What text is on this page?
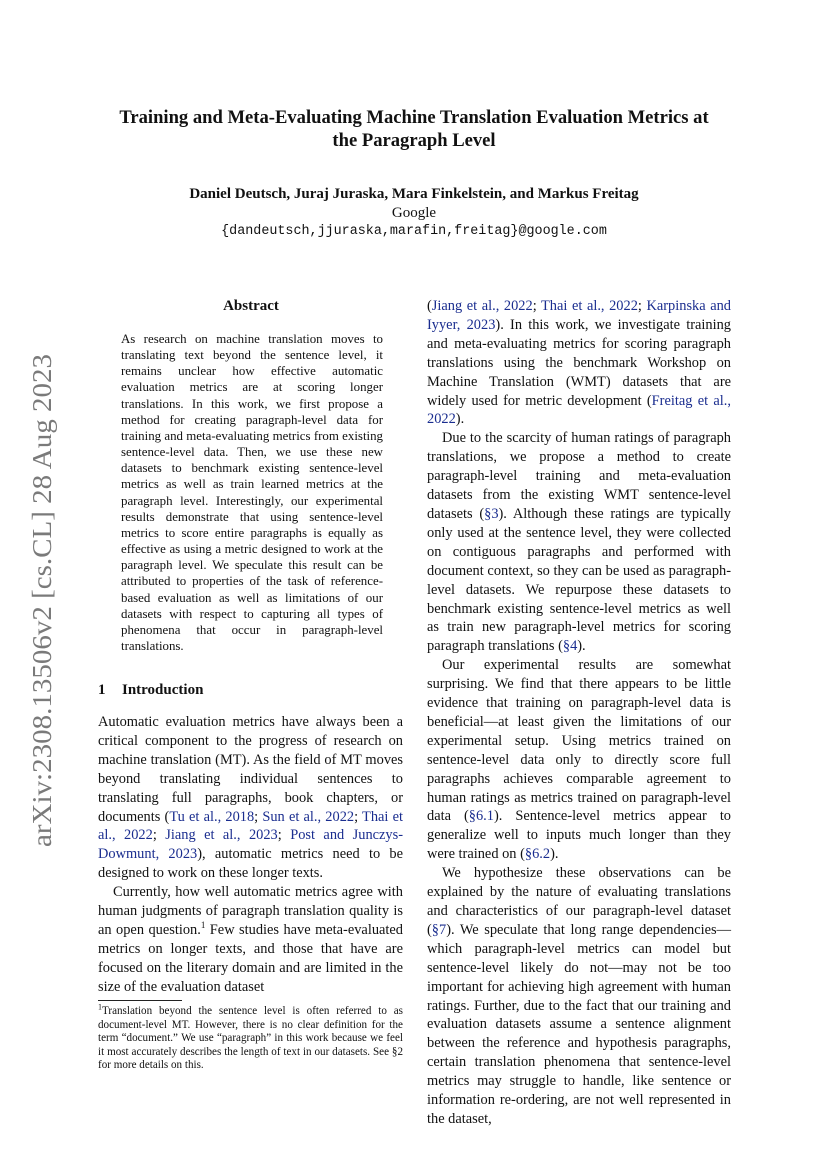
arXiv:2308.13506v2 [cs.CL] 28 Aug 2023
Training and Meta-Evaluating Machine Translation Evaluation Metrics at
the Paragraph Level
Daniel Deutsch, Juraj Juraska, Mara Finkelstein, and Markus Freitag
Google
{dandeutsch,jjuraska,marafin,freitag}@google.com
Abstract
As research on machine translation moves to translating text beyond the sentence level, it remains unclear how effective automatic evaluation metrics are at scoring longer translations. In this work, we first propose a method for creating paragraph-level data for training and meta-evaluating metrics from existing sentence-level data. Then, we use these new datasets to benchmark existing sentence-level metrics as well as train learned metrics at the paragraph level. Interestingly, our experimental results demonstrate that using sentence-level metrics to score entire paragraphs is equally as effective as using a metric designed to work at the paragraph level. We speculate this result can be attributed to properties of the task of reference-based evaluation as well as limitations of our datasets with respect to capturing all types of phenomena that occur in paragraph-level translations.
1 Introduction

Automatic evaluation metrics have always been a critical component to the progress of research on machine translation (MT). As the field of MT moves beyond translating individual sentences to translating full paragraphs, book chapters, or documents (Tu et al., 2018; Sun et al., 2022; Thai et al., 2022; Jiang et al., 2023; Post and Junczys-Dowmunt, 2023), automatic metrics need to be designed to work on these longer texts.

Currently, how well automatic metrics agree with human judgments of paragraph translation quality is an open question.$^1$ Few studies have meta-evaluated metrics on longer texts, and those that have are focused on the literary domain and are limited in the size of the evaluation dataset

$^1$Translation beyond the sentence level is often referred to as document-level MT. However, there is no clear definition for the term “document.” We use “paragraph” in this work because we feel it most accurately describes the length of text in our datasets. See §2 for more details on this.

(Jiang et al., 2022; Thai et al., 2022; Karpinska and Iyyer, 2023). In this work, we investigate training and meta-evaluating metrics for scoring paragraph translations using the benchmark Workshop on Machine Translation (WMT) datasets that are widely used for metric development (Freitag et al., 2022).

Due to the scarcity of human ratings of paragraph translations, we propose a method to create paragraph-level training and meta-evaluation datasets from the existing WMT sentence-level datasets (§3). Although these ratings are typically only used at the sentence level, they were collected on contiguous paragraphs and performed with document context, so they can be used as paragraph-level datasets. We repurpose these datasets to benchmark existing sentence-level metrics as well as train new paragraph-level metrics for scoring paragraph translations (§4).

Our experimental results are somewhat surprising. We find that there appears to be little evidence that training on paragraph-level data is beneficial—at least given the limitations of our experimental setup. Using metrics trained on sentence-level data only to directly score full paragraphs achieves comparable agreement to human ratings as metrics trained on paragraph-level data (§6.1). Sentence-level metrics appear to generalize well to inputs much longer than they were trained on (§6.2).

We hypothesize these observations can be explained by the nature of evaluating translations and characteristics of our paragraph-level dataset (§7). We speculate that long range dependencies—which paragraph-level metrics can model but sentence-level likely do not—may not be too important for achieving high agreement with human ratings. Further, due to the fact that our training and evaluation datasets assume a sentence alignment between the reference and hypothesis paragraphs, certain translation phenomena that sentence-level metrics may struggle to handle, like sentence or information re-ordering, are not well represented in the dataset,
